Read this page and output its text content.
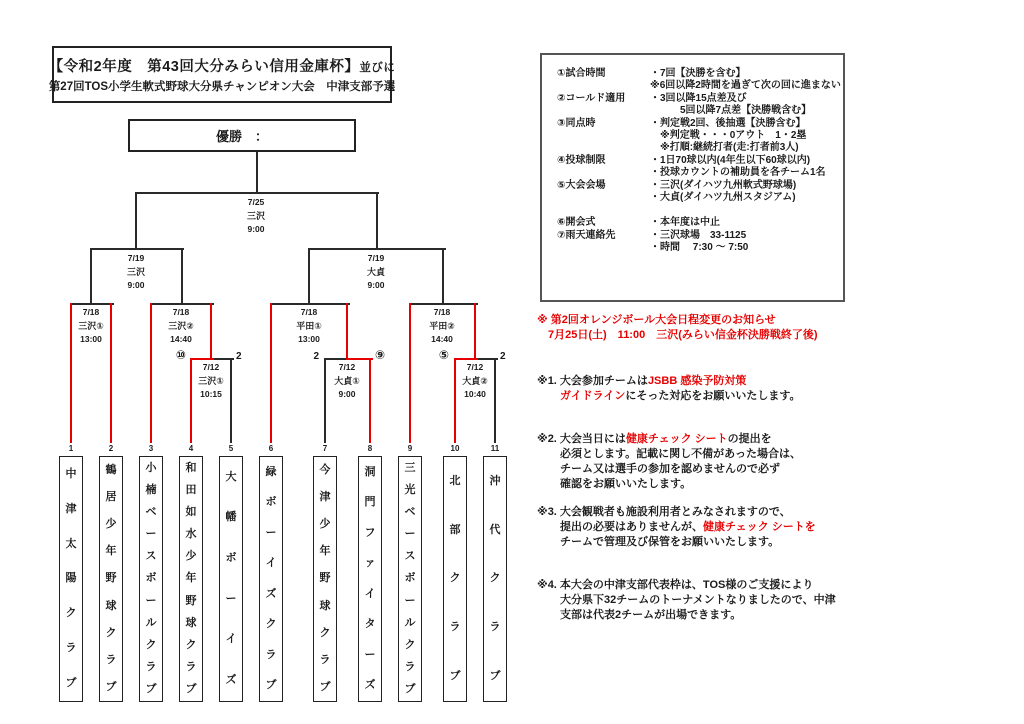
【令和2年度　第43回大分みらい信用金庫杯】並びに
第27回TOS小学生軟式野球大分県チャンピオン大会　中津支部予選
優勝　：
7/25
三沢
9:00
7/19
三沢
9:00
7/19
大貞
9:00
7/18
三沢①
13:00
7/18
三沢②
14:40
7/18
平田①
13:00
7/18
平田②
14:40
7/12
三沢①
10:15
7/12
大貞①
9:00
7/12
大貞②
10:40
⑩	2	2	⑨	⑤	2
1
中
津
太
陽
ク
ラ
ブ
2
鶴
居
少
年
野
球
ク
ラ
ブ
3
小
楠
ベ
ー
ス
ボ
ー
ル
ク
ラ
ブ
4
和
田
如
水
少
年
野
球
ク
ラ
ブ
5
大
幡
ボ
ー
イ
ズ
6
緑
ボ
ー
イ
ズ
ク
ラ
ブ
7
今
津
少
年
野
球
ク
ラ
ブ
8
洞
門
フ
ァ
イ
タ
ー
ズ
9
三
光
ベ
ー
ス
ボ
ー
ル
ク
ラ
ブ
10
北
部
ク
ラ
ブ
11
沖
代
ク
ラ
ブ
①試合時間	・7回【決勝を含む】
※6回以降2時間を過ぎて次の回に進まない
②コールド適用	・3回以降15点差及び
　　　5回以降7点差【決勝戦含む】
③同点時	・判定戦2回、後抽選【決勝含む】
　※判定戦・・・0アウト　1・2塁
　※打順:継続打者(走:打者前3人)
④投球制限	・1日70球以内(4年生以下60球以内)
・投球カウントの補助員を各チーム1名
⑤大会会場	・三沢(ダイハツ九州軟式野球場)
・大貞(ダイハツ九州スタジアム)
⑥開会式	・本年度は中止
⑦雨天連絡先	・三沢球場　33-1125
・時間　 7:30 ～ 7:50
※ 第2回オレンジボール大会日程変更のお知らせ
7月25日(土)　11:00　三沢(みらい信金杯決勝戦終了後)
※1. 大会参加チームはJSBB 感染予防対策
ガイドラインにそった対応をお願いいたします。
※2. 大会当日には健康チェック シートの提出を
必須とします。記載に関し不備があった場合は、
チーム又は選手の参加を認めませんので必ず
確認をお願いいたします。
※3. 大会観戦者も施設利用者とみなされますので、
提出の必要はありませんが、健康チェック シートを
チームで管理及び保管をお願いいたします。
※4. 本大会の中津支部代表枠は、TOS様のご支援により
大分県下32チームのトーナメントなりましたので、中津
支部は代表2チームが出場できます。
